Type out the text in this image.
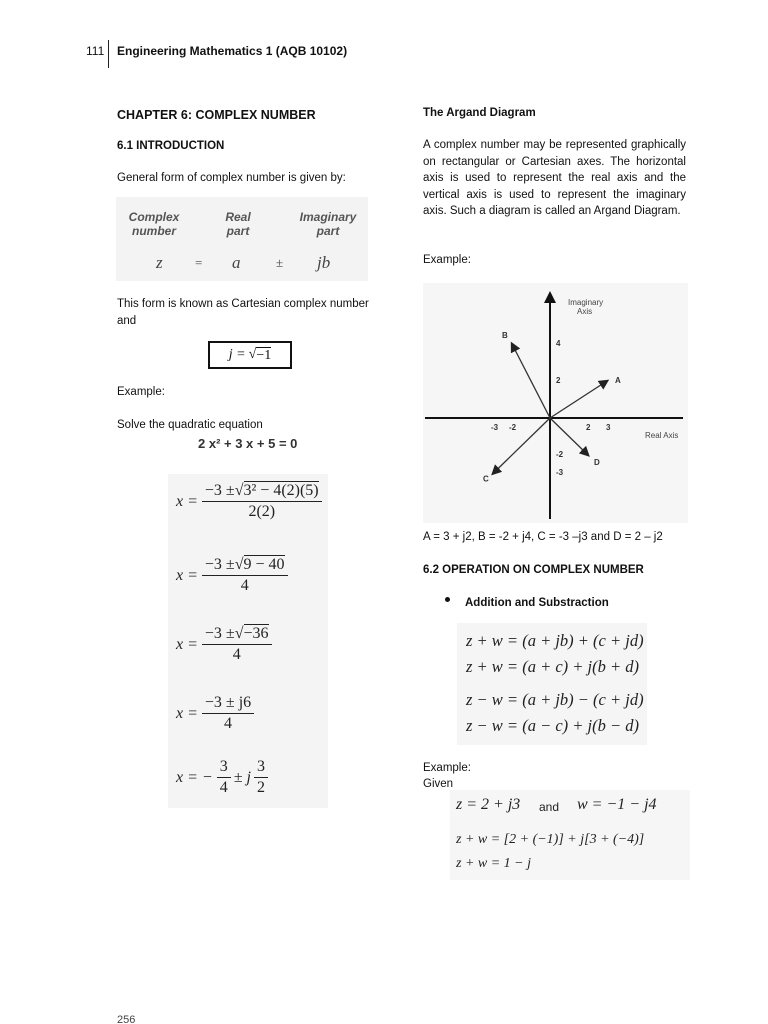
111 Engineering Mathematics 1 (AQB 10102)
CHAPTER 6: COMPLEX NUMBER
6.1 INTRODUCTION
General form of complex number is given by:
Complex
number
Real
part
Imaginary
part
z = a	± jb
This form is known as Cartesian complex number and
j = √ −1
Example:
Solve the quadratic equation
2 x² + 3 x + 5 = 0
$x = \frac{\text{−3 ±√3² − 4(2)(5)}}{2(2)}$
$x = \frac{-3 \pm√9 - 40}{4}$
$x = \frac{-3 \pm√-36}{4}$
$x = \frac{-3 \pm j6}{4}$
x = − $\frac{3}{4} \pm j \frac{3}{2}$
256
The Argand Diagram
A complex number may be represented graphically on rectangular or Cartesian axes. The horizontal axis is used to represent the real axis and the vertical axis is used to represent the imaginary axis. Such a diagram is called an Argand Diagram.
Example:
A
B
C
D
Imaginary
Axis
Real Axis
-3 -2	2 3
4
2
-2
-3
A = 3 + j2, B = -2 + j4, C = -3 –j3 and D = 2 – j2
6.2 OPERATION ON COMPLEX NUMBER
Addition and Substraction
z + w = (a + jb) + (c + jd)
z + w = (a + c) + j(b + d)
z − w = (a + jb) − (c + jd)
z − w = (a − c) + j(b − d)
Example:
Given
z = 2 + j3 and w = −1 − j4
z + w = [2 + (−1)] + j[3 + (−4)]
z + w = 1 − j
